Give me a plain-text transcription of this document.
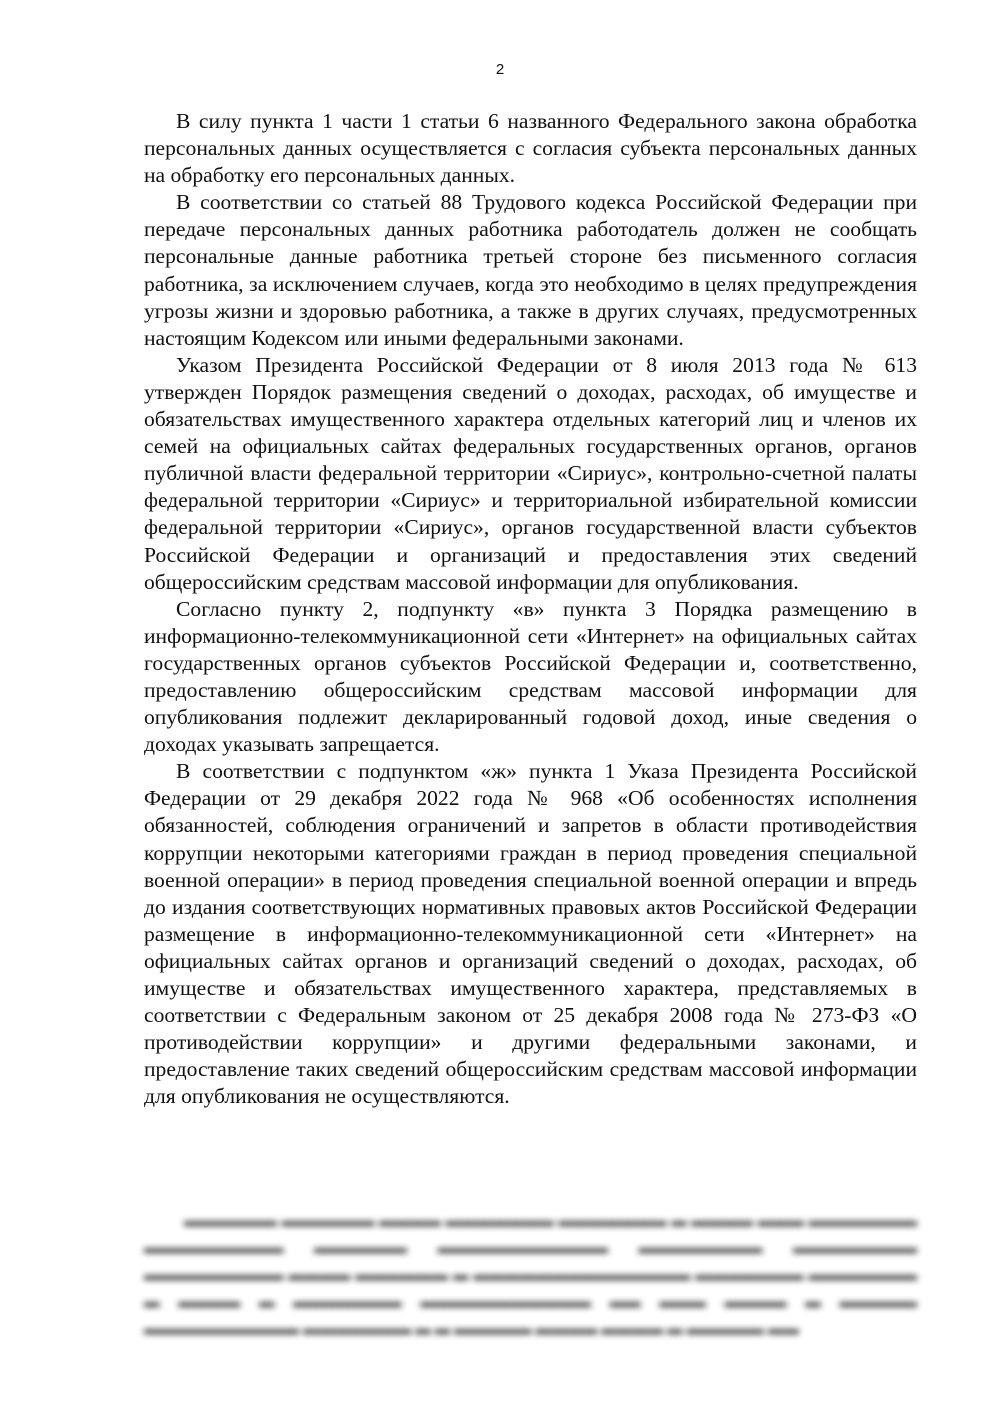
2

В силу пункта 1 части 1 статьи 6 названного Федерального закона обработка персональных данных осуществляется с согласия субъекта персональных данных на обработку его персональных данных.

В соответствии со статьей 88 Трудового кодекса Российской Федерации при передаче персональных данных работника работодатель должен не сообщать персональные данные работника третьей стороне без письменного согласия работника, за исключением случаев, когда это необходимо в целях предупреждения угрозы жизни и здоровью работника, а также в других случаях, предусмотренных настоящим Кодексом или иными федеральными законами.

Указом Президента Российской Федерации от 8 июля 2013 года № 613 утвержден Порядок размещения сведений о доходах, расходах, об имуществе и обязательствах имущественного характера отдельных категорий лиц и членов их семей на официальных сайтах федеральных государственных органов, органов публичной власти федеральной территории «Сириус», контрольно-счетной палаты федеральной территории «Сириус» и территориальной избирательной комиссии федеральной территории «Сириус», органов государственной власти субъектов Российской Федерации и организаций и предоставления этих сведений общероссийским средствам массовой информации для опубликования.

Согласно пункту 2, подпункту «в» пункта 3 Порядка размещению в информационно-телекоммуникационной сети «Интернет» на официальных сайтах государственных органов субъектов Российской Федерации и, соответственно, предоставлению общероссийским средствам массовой информации для опубликования подлежит декларированный годовой доход, иные сведения о доходах указывать запрещается.

В соответствии с подпунктом «ж» пункта 1 Указа Президента Российской Федерации от 29 декабря 2022 года № 968 «Об особенностях исполнения обязанностей, соблюдения ограничений и запретов в области противодействия коррупции некоторыми категориями граждан в период проведения специальной военной операции» в период проведения специальной военной операции и впредь до издания соответствующих нормативных правовых актов Российской Федерации размещение в информационно-телекоммуникационной сети «Интернет» на официальных сайтах органов и организаций сведений о доходах, расходах, об имуществе и обязательствах имущественного характера, представляемых в соответствии с Федеральным законом от 25 декабря 2008 года № 273-ФЗ «О противодействии коррупции» и другими федеральными законами, и предоставление таких сведений общероссийским средствам массовой информации для опубликования не осуществляются.

▬▬▬▬▬▬ ▬▬▬▬▬▬ ▬▬▬▬ ▬▬▬▬▬▬▬ ▬▬▬▬▬▬▬ ▬ ▬▬▬▬ ▬▬▬ ▬▬▬▬▬▬▬ ▬▬▬▬▬▬▬▬▬ ▬▬▬▬▬▬ ▬▬▬▬▬▬▬▬▬▬▬ ▬▬▬▬▬▬▬▬ ▬▬▬▬▬▬▬▬ ▬▬▬▬▬▬▬▬▬ ▬▬▬▬ ▬▬▬▬▬▬ ▬ ▬▬▬▬▬▬▬▬▬▬▬▬▬▬ ▬▬▬▬▬▬▬ ▬▬▬▬▬▬▬ ▬ ▬▬▬▬ ▬ ▬▬▬▬▬▬▬ ▬▬▬▬▬▬▬▬▬▬▬ ▬▬ ▬▬▬ ▬▬▬▬ ▬ ▬▬▬▬▬ ▬▬▬▬▬▬▬▬▬▬ ▬▬▬▬▬▬▬ ▬ ▬ ▬▬▬▬▬ ▬▬▬▬ ▬▬▬▬ ▬ ▬▬▬▬▬ ▬▬
